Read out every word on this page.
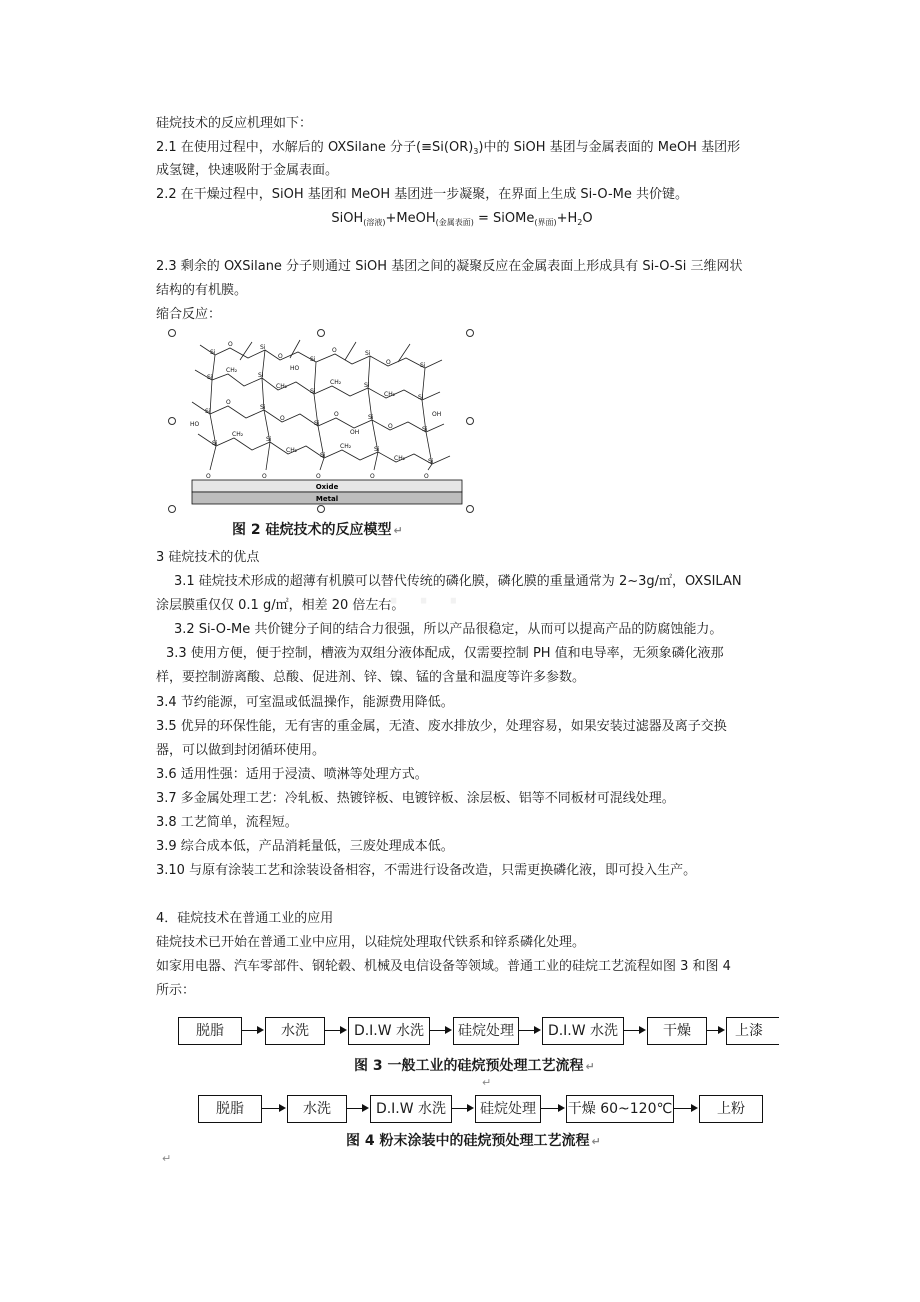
硅烷技术的反应机理如下：
2.1 在使用过程中，水解后的 OXSilane 分子$(\equiv Si(OR)_3)$中的 SiOH 基团与金属表面的 MeOH 基团形
成氢键，快速吸附于金属表面。
2.2 在干燥过程中，SiOH 基团和 MeOH 基团进一步凝聚，在界面上生成 Si-O-Me 共价键。
SiOH$_{(溶液)}$+MeOH$_{(金属表面)}$ = $SiOMe_{(界面)}+H_2O$
2.3 剩余的 OXSilane 分子则通过 SiOH 基团之间的凝聚反应在金属表面上形成具有 Si-O-Si 三维网状
结构的有机膜。
缩合反应：
Si
Si
Si
Si
Si
Si	Si
Si
Si
Si
Si
Si
Si
Si
Si
Si
Si
Si
Si
Si
O
O
O
O
CH₂
CH₂
CH₂
CH₂
O
O
O
O
HO
HO
OH
OH
CH₂
CH₂
CH₂
CH₂
O	O	O	O	O
Oxide
Metal
图 2 硅烷技术的反应模型 ↵
· · ·
3 硅烷技术的优点
3.1 硅烷技术形成的超薄有机膜可以替代传统的磷化膜，磷化膜的重量通常为 2~3g/㎡，OXSILAN
涂层膜重仅仅 0.1 g/㎡，相差 20 倍左右。
3.2 Si-O-Me 共价键分子间的结合力很强，所以产品很稳定，从而可以提高产品的防腐蚀能力。
3.3 使用方便，便于控制，槽液为双组分液体配成，仅需要控制 PH 值和电导率，无须象磷化液那
样，要控制游离酸、总酸、促进剂、锌、镍、锰的含量和温度等许多参数。
3.4 节约能源，可室温或低温操作，能源费用降低。
3.5 优异的环保性能，无有害的重金属，无渣、废水排放少，处理容易，如果安装过滤器及离子交换
器，可以做到封闭循环使用。
3.6 适用性强：适用于浸渍、喷淋等处理方式。
3.7 多金属处理工艺：冷轧板、热镀锌板、电镀锌板、涂层板、铝等不同板材可混线处理。
3.8 工艺简单，流程短。
3.9 综合成本低，产品消耗量低，三废处理成本低。
3.10 与原有涂装工艺和涂装设备相容，不需进行设备改造，只需更换磷化液，即可投入生产。
4．硅烷技术在普通工业的应用
硅烷技术已开始在普通工业中应用，以硅烷处理取代铁系和锌系磷化处理。
如家用电器、汽车零部件、钢轮毂、机械及电信设备等领域。普通工业的硅烷工艺流程如图 3 和图 4
所示：
脱脂	水洗	D.I.W 水洗	硅烷处理	D.I.W 水洗	干燥	上漆
图 3 一般工业的硅烷预处理工艺流程 ↵
↵
脱脂	水洗	D.I.W 水洗	硅烷处理	干燥 60~120℃	上粉
图 4 粉末涂装中的硅烷预处理工艺流程 ↵
↵
